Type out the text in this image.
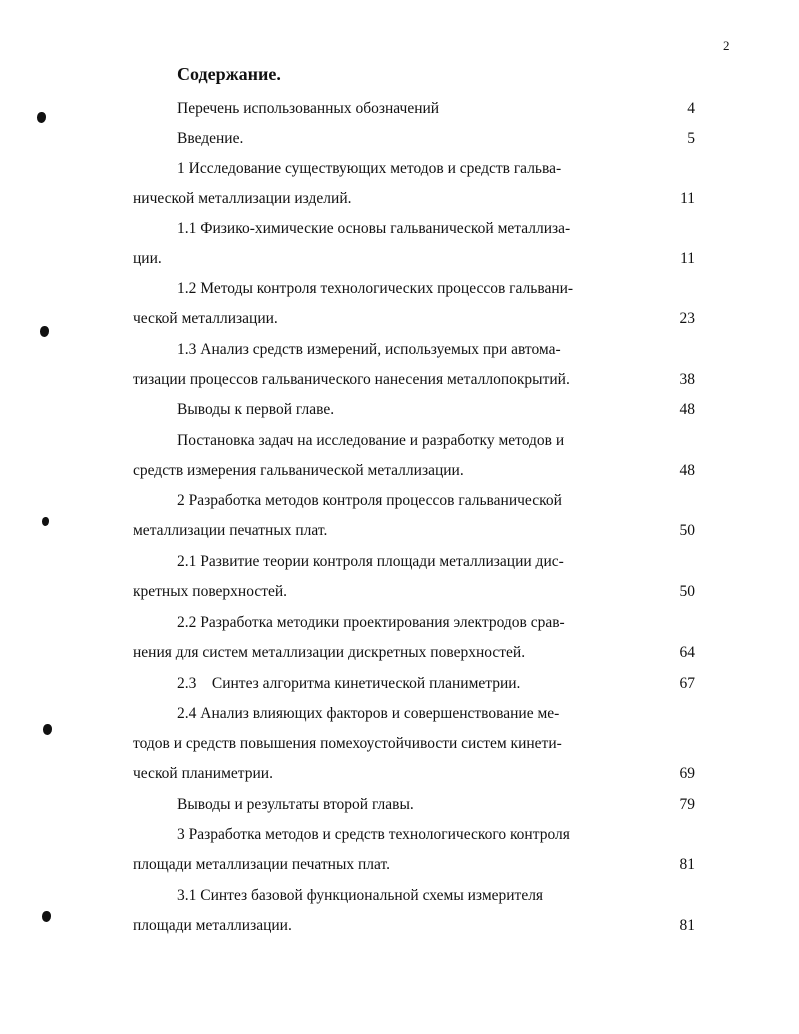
2
Содержание.
Перечень использованных обозначений	4
Введение.	5
1 Исследование существующих методов и средств гальва-
нической металлизации изделий.	11
1.1 Физико-химические основы гальванической металлиза-
ции.	11
1.2 Методы контроля технологических процессов гальвани-
ческой металлизации.	23
1.3 Анализ средств измерений, используемых при автома-
тизации процессов гальванического нанесения металлопокрытий.	38
Выводы к первой главе.	48
Постановка задач на исследование и разработку методов и
средств измерения гальванической металлизации.	48
2 Разработка методов контроля процессов гальванической
металлизации печатных плат.	50
2.1 Развитие теории контроля площади металлизации дис-
кретных поверхностей.	50
2.2 Разработка методики проектирования электродов срав-
нения для систем металлизации дискретных поверхностей.	64
2.3    Синтез алгоритма кинетической планиметрии.	67
2.4 Анализ влияющих факторов и совершенствование ме-
тодов и средств повышения помехоустойчивости систем кинети-
ческой планиметрии.	69
Выводы и результаты второй главы.	79
3 Разработка методов и средств технологического контроля
площади металлизации печатных плат.	81
3.1 Синтез базовой функциональной схемы измерителя
площади металлизации.	81
